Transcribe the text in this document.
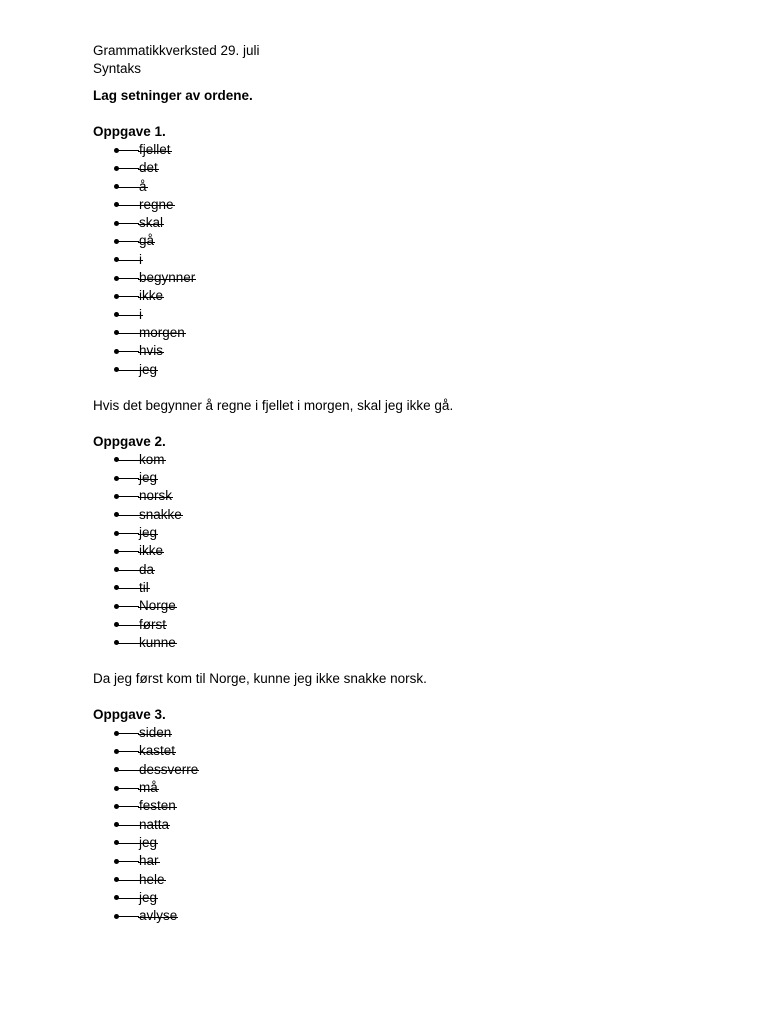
Grammatikkverksted 29. juli
Syntaks
Lag setninger av ordene.
Oppgave 1.
fjellet
det
å
regne
skal
gå
i
begynner
ikke
i
morgen
hvis
jeg
Hvis det begynner å regne i fjellet i morgen, skal jeg ikke gå.
Oppgave 2.
kom
jeg
norsk
snakke
jeg
ikke
da
til
Norge
først
kunne
Da jeg først kom til Norge, kunne jeg ikke snakke norsk.
Oppgave 3.
siden
kastet
dessverre
må
festen
natta
jeg
har
hele
jeg
avlyse
